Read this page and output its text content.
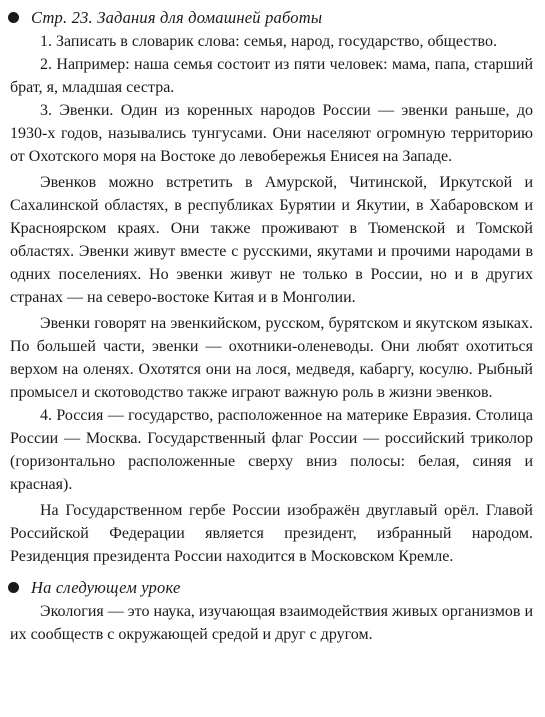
Стр. 23. Задания для домашней работы

1. Записать в словарик слова: семья, народ, государство, общество.

2. Например: наша семья состоит из пяти человек: мама, папа, старший брат, я, младшая сестра.

3. Эвенки. Один из коренных народов России — эвенки раньше, до 1930-х годов, назывались тунгусами. Они населяют огромную территорию от Охотского моря на Востоке до левобережья Енисея на Западе.

Эвенков можно встретить в Амурской, Читинской, Иркутской и Сахалинской областях, в республиках Бурятии и Якутии, в Хабаровском и Красноярском краях. Они также проживают в Тюменской и Томской областях. Эвенки живут вместе с русскими, якутами и прочими народами в одних поселениях. Но эвенки живут не только в России, но и в других странах — на северо-востоке Китая и в Монголии.

Эвенки говорят на эвенкийском, русском, бурятском и якутском языках. По большей части, эвенки — охотники-оленеводы. Они любят охотиться верхом на оленях. Охотятся они на лося, медведя, кабаргу, косулю. Рыбный промысел и скотоводство также играют важную роль в жизни эвенков.

4. Россия — государство, расположенное на материке Евразия. Столица России — Москва. Государственный флаг России — российский триколор (горизонтально расположенные сверху вниз полосы: белая, синяя и красная).

На Государственном гербе России изображён двуглавый орёл. Главой Российской Федерации является президент, избранный народом. Резиденция президента России находится в Московском Кремле.

На следующем уроке

Экология — это наука, изучающая взаимодействия живых организмов и их сообществ с окружающей средой и друг с другом.
